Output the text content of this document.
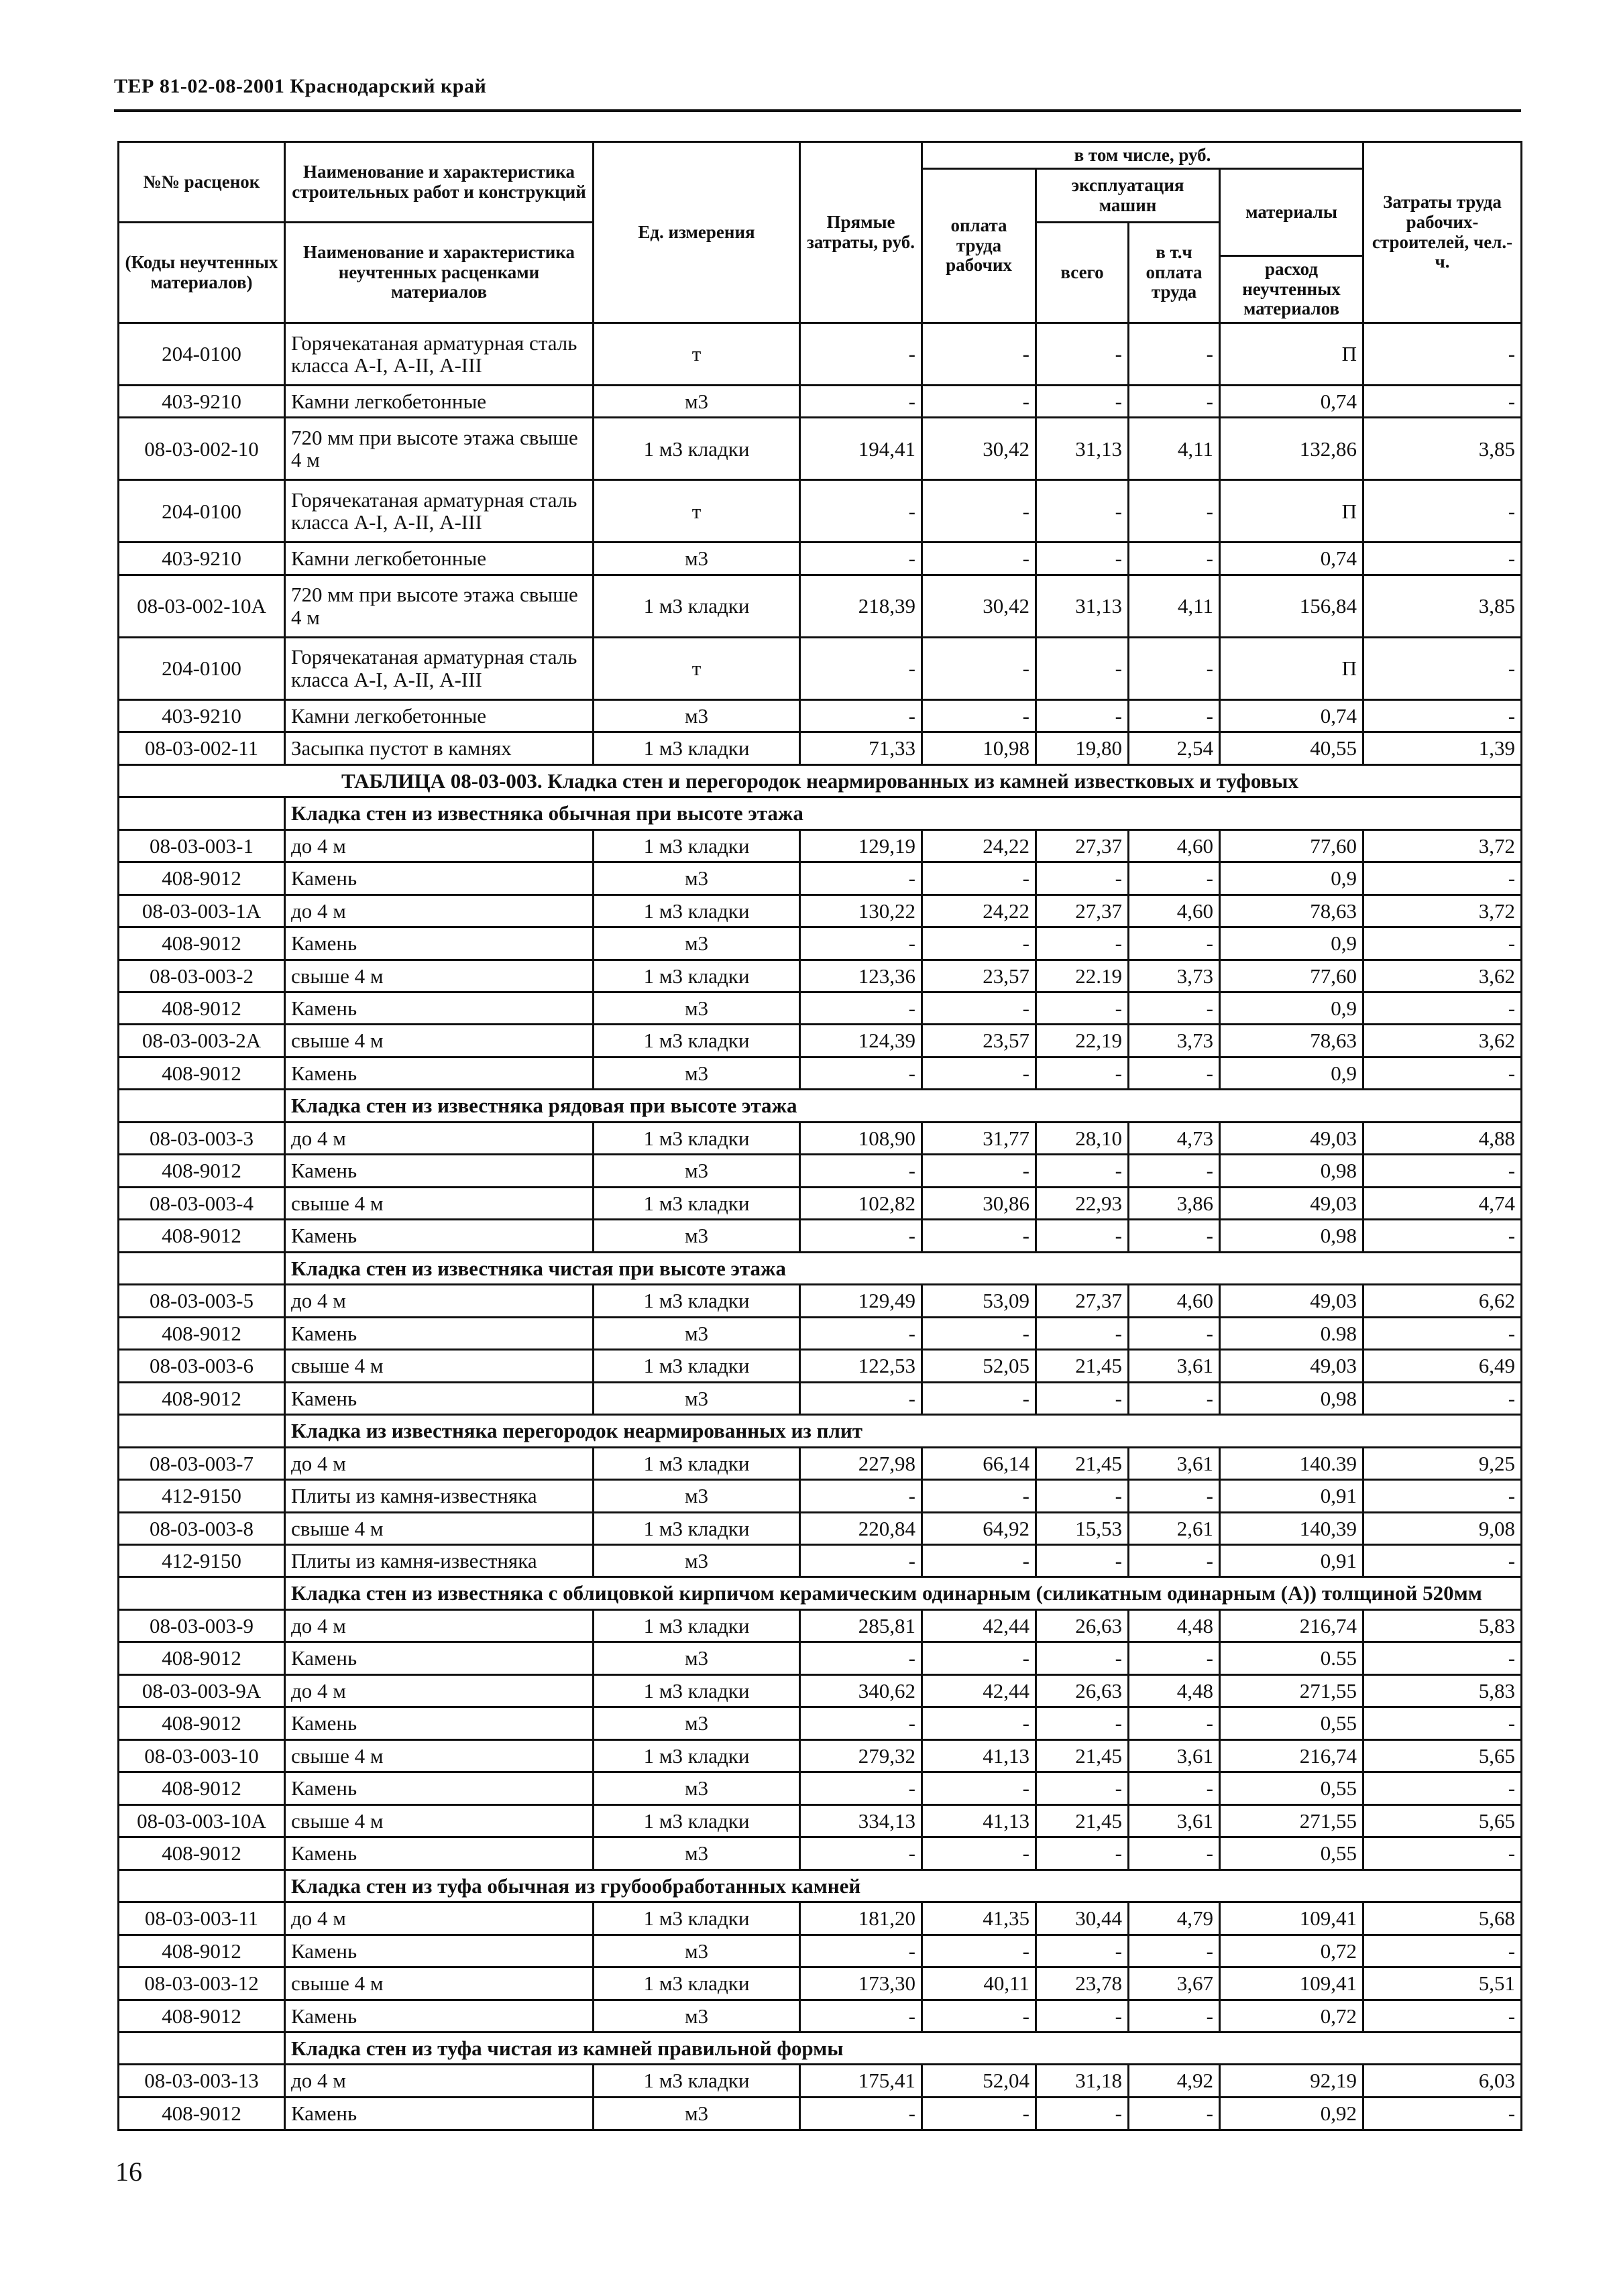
ТЕР 81-02-08-2001 Краснодарский край
№№ расценок	Наименование и характеристика строительных работ и конструкций	Ед. измерения	Прямые затраты, руб.	в том числе, руб.				Затраты труда рабочих-строителей, чел.-ч.
				оплата труда рабочих	эксплуатация машин		материалы	

(Коды неучтенных материалов)	Наименование и характеристика неучтенных расценками материалов				всего	в т.ч оплата труда		
							расход неучтенных материалов	

204-0100	Горячекатаная арматурная сталь класса А-I, А-II, А-III	т	-	-	-	-	П	-
403-9210	Камни легкобетонные	м3	-	-	-	-	0,74	-
08-03-002-10	720 мм при высоте этажа свыше 4 м	1 м3 кладки	194,41	30,42	31,13	4,11	132,86	3,85
204-0100	Горячекатаная арматурная сталь класса А-I, А-II, А-III	т	-	-	-	-	П	-
403-9210	Камни легкобетонные	м3	-	-	-	-	0,74	-
08-03-002-10А	720 мм при высоте этажа свыше 4 м	1 м3 кладки	218,39	30,42	31,13	4,11	156,84	3,85
204-0100	Горячекатаная арматурная сталь класса А-I, А-II, А-III	т	-	-	-	-	П	-
403-9210	Камни легкобетонные	м3	-	-	-	-	0,74	-
08-03-002-11	Засыпка пустот в камнях	1 м3 кладки	71,33	10,98	19,80	2,54	40,55	1,39
ТАБЛИЦА 08-03-003. Кладка стен и перегородок неармированных из камней известковых и туфовых								
	Кладка стен из известняка обычная при высоте этажа							
08-03-003-1	до 4 м	1 м3 кладки	129,19	24,22	27,37	4,60	77,60	3,72
408-9012	Камень	м3	-	-	-	-	0,9	-
08-03-003-1А	до 4 м	1 м3 кладки	130,22	24,22	27,37	4,60	78,63	3,72
408-9012	Камень	м3	-	-	-	-	0,9	-
08-03-003-2	свыше 4 м	1 м3 кладки	123,36	23,57	22.19	3,73	77,60	3,62
408-9012	Камень	м3	-	-	-	-	0,9	-
08-03-003-2А	свыше 4 м	1 м3 кладки	124,39	23,57	22,19	3,73	78,63	3,62
408-9012	Камень	м3	-	-	-	-	0,9	-
	Кладка стен из известняка рядовая при высоте этажа							
08-03-003-3	до 4 м	1 м3 кладки	108,90	31,77	28,10	4,73	49,03	4,88
408-9012	Камень	м3	-	-	-	-	0,98	-
08-03-003-4	свыше 4 м	1 м3 кладки	102,82	30,86	22,93	3,86	49,03	4,74
408-9012	Камень	м3	-	-	-	-	0,98	-
	Кладка стен из известняка чистая при высоте этажа							
08-03-003-5	до 4 м	1 м3 кладки	129,49	53,09	27,37	4,60	49,03	6,62
408-9012	Камень	м3	-	-	-	-	0.98	-
08-03-003-6	свыше 4 м	1 м3 кладки	122,53	52,05	21,45	3,61	49,03	6,49
408-9012	Камень	м3	-	-	-	-	0,98	-
	Кладка из известняка перегородок неармированных из плит							
08-03-003-7	до 4 м	1 м3 кладки	227,98	66,14	21,45	3,61	140.39	9,25
412-9150	Плиты из камня-известняка	м3	-	-	-	-	0,91	-
08-03-003-8	свыше 4 м	1 м3 кладки	220,84	64,92	15,53	2,61	140,39	9,08
412-9150	Плиты из камня-известняка	м3	-	-	-	-	0,91	-
	Кладка стен из известняка с облицовкой кирпичом керамическим одинарным (силикатным одинарным (А)) толщиной 520мм							
08-03-003-9	до 4 м	1 м3 кладки	285,81	42,44	26,63	4,48	216,74	5,83
408-9012	Камень	м3	-	-	-	-	0.55	-
08-03-003-9А	до 4 м	1 м3 кладки	340,62	42,44	26,63	4,48	271,55	5,83
408-9012	Камень	м3	-	-	-	-	0,55	-
08-03-003-10	свыше 4 м	1 м3 кладки	279,32	41,13	21,45	3,61	216,74	5,65
408-9012	Камень	м3	-	-	-	-	0,55	-
08-03-003-10А	свыше 4 м	1 м3 кладки	334,13	41,13	21,45	3,61	271,55	5,65
408-9012	Камень	м3	-	-	-	-	0,55	-
	Кладка стен из туфа обычная из грубообработанных камней							
08-03-003-11	до 4 м	1 м3 кладки	181,20	41,35	30,44	4,79	109,41	5,68
408-9012	Камень	м3	-	-	-	-	0,72	-
08-03-003-12	свыше 4 м	1 м3 кладки	173,30	40,11	23,78	3,67	109,41	5,51
408-9012	Камень	м3	-	-	-	-	0,72	-
	Кладка стен из туфа чистая из камней правильной формы							
08-03-003-13	до 4 м	1 м3 кладки	175,41	52,04	31,18	4,92	92,19	6,03
408-9012	Камень	м3	-	-	-	-	0,92	-
16
